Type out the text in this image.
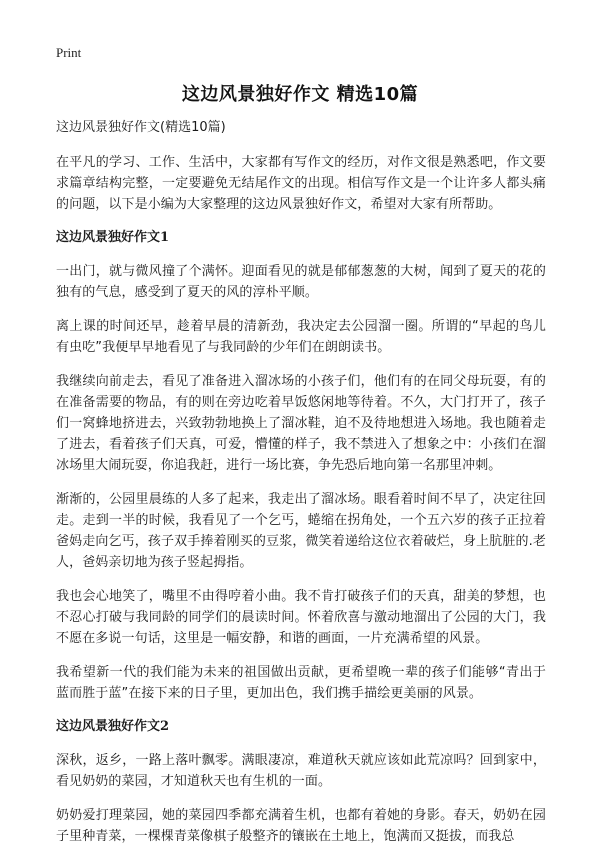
Print
这边风景独好作文 精选10篇

这边风景独好作文(精选10篇)

在平凡的学习、工作、生活中，大家都有写作文的经历，对作文很是熟悉吧，作文要求篇章结构完整，一定要避免无结尾作文的出现。相信写作文是一个让许多人都头痛的问题，以下是小编为大家整理的这边风景独好作文，希望对大家有所帮助。

这边风景独好作文1

一出门，就与微风撞了个满怀。迎面看见的就是郁郁葱葱的大树，闻到了夏天的花的独有的气息，感受到了夏天的风的淳朴平顺。

离上课的时间还早，趁着早晨的清新劲，我决定去公园溜一圈。所谓的“早起的鸟儿有虫吃”我便早早地看见了与我同龄的少年们在朗朗读书。

我继续向前走去，看见了准备进入溜冰场的小孩子们，他们有的在同父母玩耍，有的在准备需要的物品，有的则在旁边吃着早饭悠闲地等待着。不久，大门打开了，孩子们一窝蜂地挤进去，兴致勃勃地换上了溜冰鞋，迫不及待地想进入场地。我也随着走了进去，看着孩子们天真，可爱，懵懂的样子，我不禁进入了想象之中：小孩们在溜冰场里大闹玩耍，你追我赶，进行一场比赛，争先恐后地向第一名那里冲刺。

渐渐的，公园里晨练的人多了起来，我走出了溜冰场。眼看着时间不早了，决定往回走。走到一半的时候，我看见了一个乞丐，蜷缩在拐角处，一个五六岁的孩子正拉着爸妈走向乞丐，孩子双手捧着刚买的豆浆，微笑着递给这位衣着破烂，身上肮脏的.老人，爸妈亲切地为孩子竖起拇指。

我也会心地笑了，嘴里不由得哼着小曲。我不肯打破孩子们的天真，甜美的梦想，也不忍心打破与我同龄的同学们的晨读时间。怀着欣喜与激动地溜出了公园的大门，我不愿在多说一句话，这里是一幅安静，和谐的画面，一片充满希望的风景。

我希望新一代的我们能为未来的祖国做出贡献，更希望晚一辈的孩子们能够“青出于蓝而胜于蓝”在接下来的日子里，更加出色，我们携手描绘更美丽的风景。

这边风景独好作文2

深秋，返乡，一路上落叶飘零。满眼凄凉，难道秋天就应该如此荒凉吗？回到家中，看见奶奶的菜园，才知道秋天也有生机的一面。

奶奶爱打理菜园，她的菜园四季都充满着生机，也都有着她的身影。春天，奶奶在园子里种青菜，一棵棵青菜像棋子般整齐的镶嵌在土地上，饱满而又挺拔，而我总
